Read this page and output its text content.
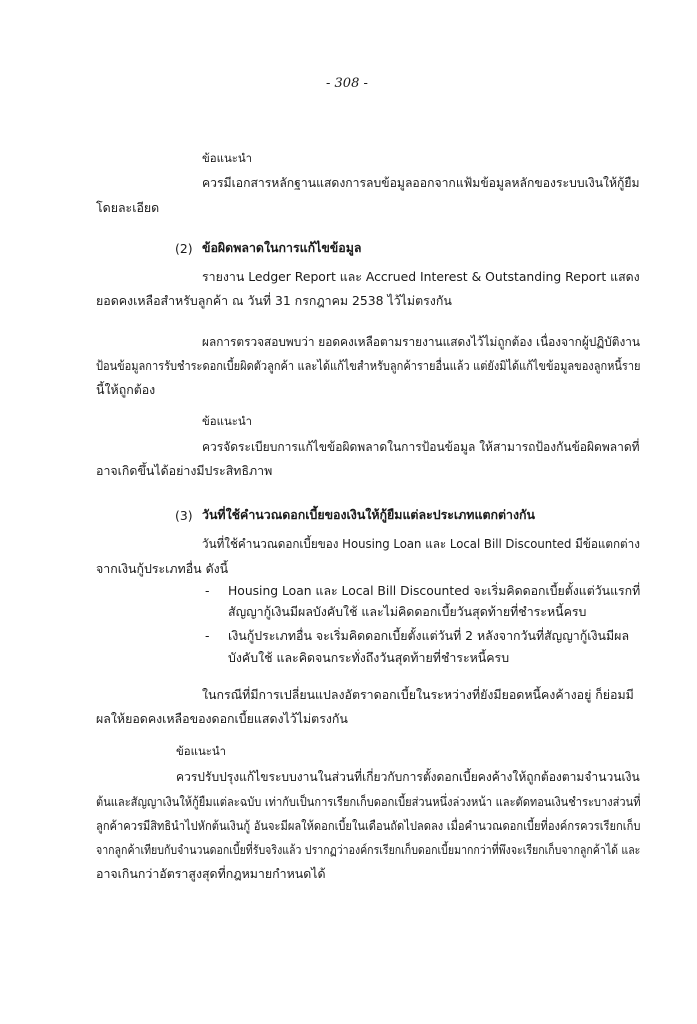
- 308 -
ข้อแนะนำ
ควรมีเอกสารหลักฐานแสดงการลบข้อมูลออกจากแฟ้มข้อมูลหลักของระบบเงินให้กู้ยืม
โดยละเอียด
(2) ข้อผิดพลาดในการแก้ไขข้อมูล
รายงาน Ledger Report และ Accrued Interest & Outstanding Report แสดง
ยอดคงเหลือสำหรับลูกค้า ณ วันที่ 31 กรกฎาคม 2538 ไว้ไม่ตรงกัน
ผลการตรวจสอบพบว่า ยอดคงเหลือตามรายงานแสดงไว้ไม่ถูกต้อง เนื่องจากผู้ปฏิบัติงาน
ป้อนข้อมูลการรับชำระดอกเบี้ยผิดตัวลูกค้า และได้แก้ไขสำหรับลูกค้ารายอื่นแล้ว แต่ยังมิได้แก้ไขข้อมูลของลูกหนี้ราย
นี้ให้ถูกต้อง
ข้อแนะนำ
ควรจัดระเบียบการแก้ไขข้อผิดพลาดในการป้อนข้อมูล ให้สามารถป้องกันข้อผิดพลาดที่
อาจเกิดขึ้นได้อย่างมีประสิทธิภาพ
(3) วันที่ใช้คำนวณดอกเบี้ยของเงินให้กู้ยืมแต่ละประเภทแตกต่างกัน
วันที่ใช้คำนวณดอกเบี้ยของ Housing Loan และ Local Bill Discounted มีข้อแตกต่าง
จากเงินกู้ประเภทอื่น ดังนี้
- Housing Loan และ Local Bill Discounted จะเริ่มคิดดอกเบี้ยตั้งแต่วันแรกที่
สัญญากู้เงินมีผลบังคับใช้ และไม่คิดดอกเบี้ยวันสุดท้ายที่ชำระหนี้ครบ
- เงินกู้ประเภทอื่น จะเริ่มคิดดอกเบี้ยตั้งแต่วันที่ 2 หลังจากวันที่สัญญากู้เงินมีผล
บังคับใช้ และคิดจนกระทั่งถึงวันสุดท้ายที่ชำระหนี้ครบ
ในกรณีที่มีการเปลี่ยนแปลงอัตราดอกเบี้ยในระหว่างที่ยังมียอดหนี้คงค้างอยู่ ก็ย่อมมี
ผลให้ยอดคงเหลือของดอกเบี้ยแสดงไว้ไม่ตรงกัน
ข้อแนะนำ
ควรปรับปรุงแก้ไขระบบงานในส่วนที่เกี่ยวกับการตั้งดอกเบี้ยคงค้างให้ถูกต้องตามจำนวนเงิน
ต้นและสัญญาเงินให้กู้ยืมแต่ละฉบับ เท่ากับเป็นการเรียกเก็บดอกเบี้ยส่วนหนึ่งล่วงหน้า และตัดทอนเงินชำระบางส่วนที่
ลูกค้าควรมีสิทธินำไปหักต้นเงินกู้ อันจะมีผลให้ดอกเบี้ยในเดือนถัดไปลดลง เมื่อคำนวณดอกเบี้ยที่องค์กรควรเรียกเก็บ
จากลูกค้าเทียบกับจำนวนดอกเบี้ยที่รับจริงแล้ว ปรากฏว่าองค์กรเรียกเก็บดอกเบี้ยมากกว่าที่พึงจะเรียกเก็บจากลูกค้าได้ และ
อาจเกินกว่าอัตราสูงสุดที่กฎหมายกำหนดได้
